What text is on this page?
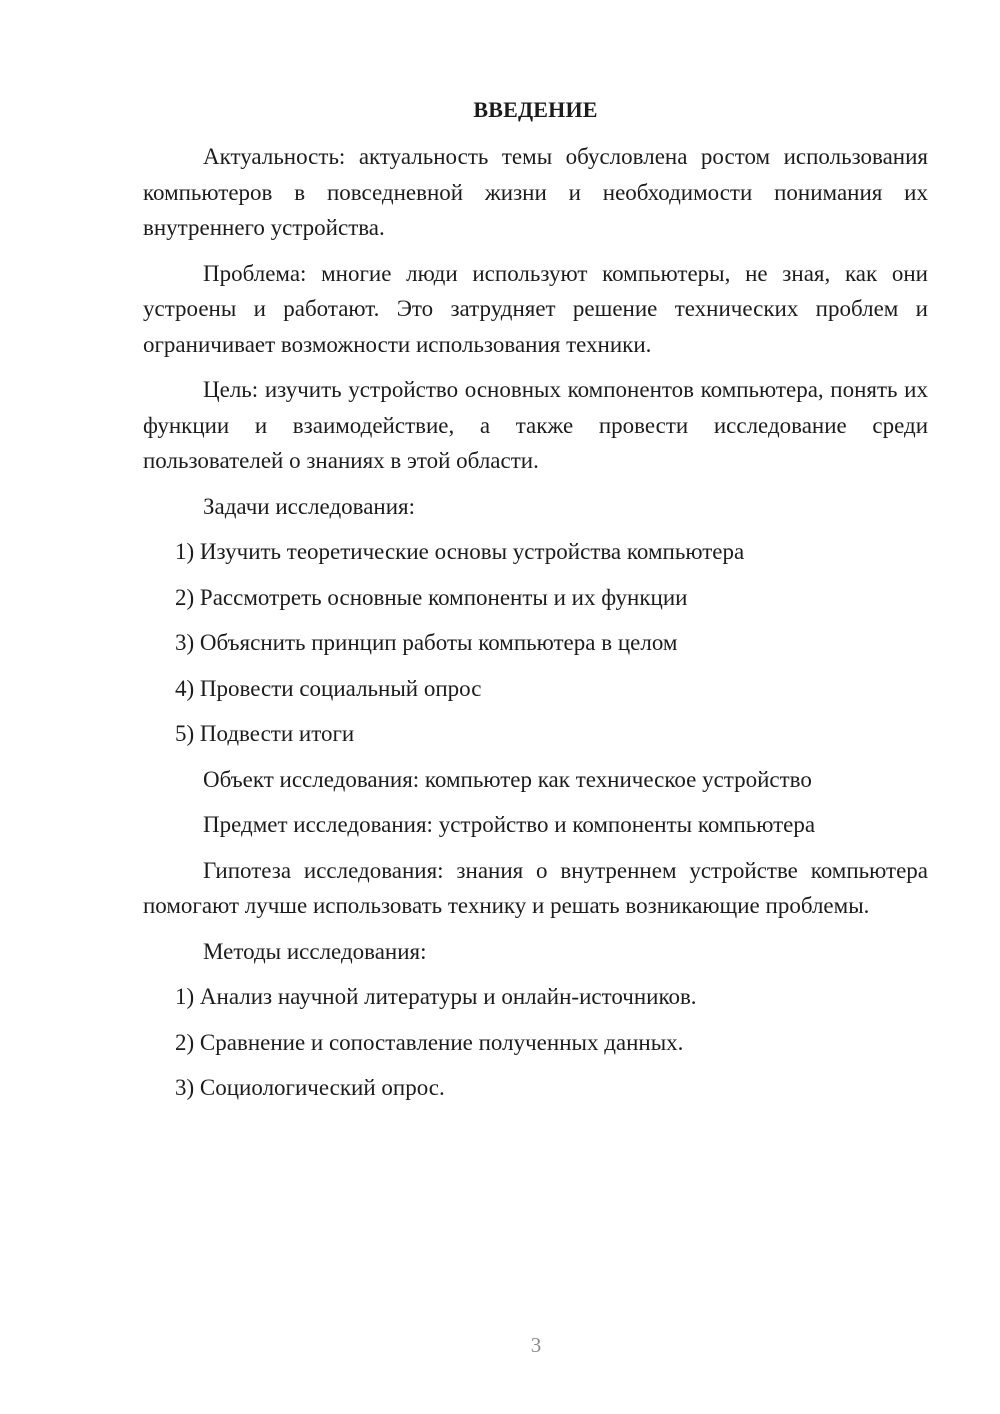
ВВЕДЕНИЕ
Актуальность: актуальность темы обусловлена ростом использования компьютеров в повседневной жизни и необходимости понимания их внутреннего устройства.
Проблема: многие люди используют компьютеры, не зная, как они устроены и работают. Это затрудняет решение технических проблем и ограничивает возможности использования техники.
Цель: изучить устройство основных компонентов компьютера, понять их функции и взаимодействие, а также провести исследование среди пользователей о знаниях в этой области.
Задачи исследования:
1) Изучить теоретические основы устройства компьютера
2) Рассмотреть основные компоненты и их функции
3) Объяснить принцип работы компьютера в целом
4) Провести социальный опрос
5) Подвести итоги
Объект исследования: компьютер как техническое устройство
Предмет исследования: устройство и компоненты компьютера
Гипотеза исследования: знания о внутреннем устройстве компьютера помогают лучше использовать технику и решать возникающие проблемы.
Методы исследования:
1) Анализ научной литературы и онлайн-источников.
2) Сравнение и сопоставление полученных данных.
3) Социологический опрос.
3
